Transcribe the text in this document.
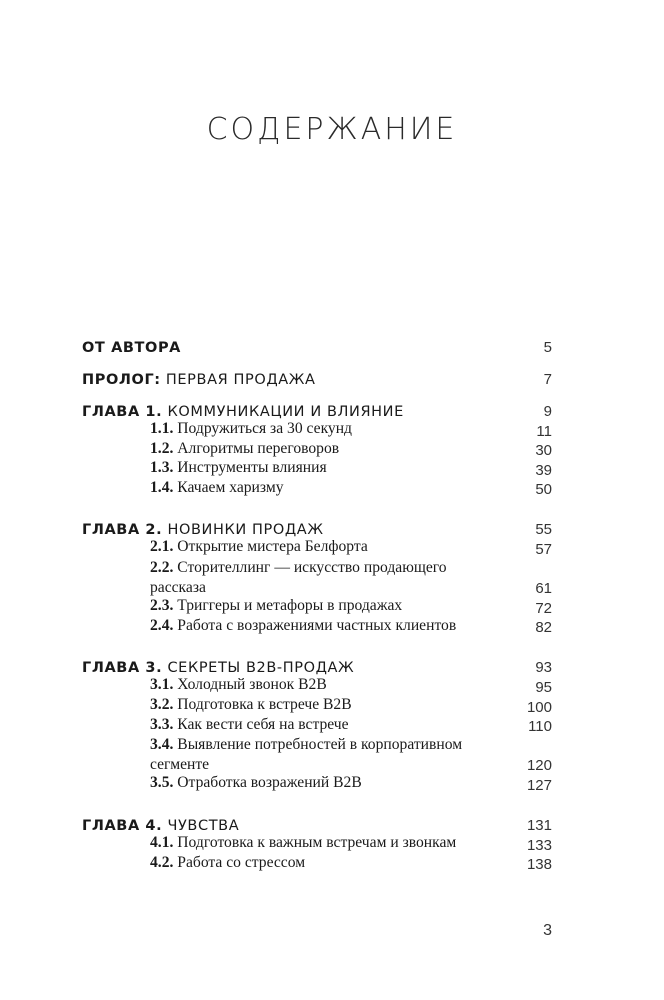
СОДЕРЖАНИЕ
ОТ АВТОРА	5
ПРОЛОГ: ПЕРВАЯ ПРОДАЖА	7
ГЛАВА 1. КОММУНИКАЦИИ И ВЛИЯНИЕ	9
1.1. Подружиться за 30 секунд	11
1.2. Алгоритмы переговоров	30
1.3. Инструменты влияния	39
1.4. Качаем харизму	50
ГЛАВА 2. НОВИНКИ ПРОДАЖ	55
2.1. Открытие мистера Белфорта	57
2.2. Сторителлинг — искусство продающего рассказа	61
2.3. Триггеры и метафоры в продажах	72
2.4. Работа с возражениями частных клиентов	82
ГЛАВА 3. СЕКРЕТЫ B2B-ПРОДАЖ	93
3.1. Холодный звонок B2B	95
3.2. Подготовка к встрече B2B	100
3.3. Как вести себя на встрече	110
3.4. Выявление потребностей в корпоративном сегменте	120
3.5. Отработка возражений B2B	127
ГЛАВА 4. ЧУВСТВА	131
4.1. Подготовка к важным встречам и звонкам	133
4.2. Работа со стрессом	138
3
